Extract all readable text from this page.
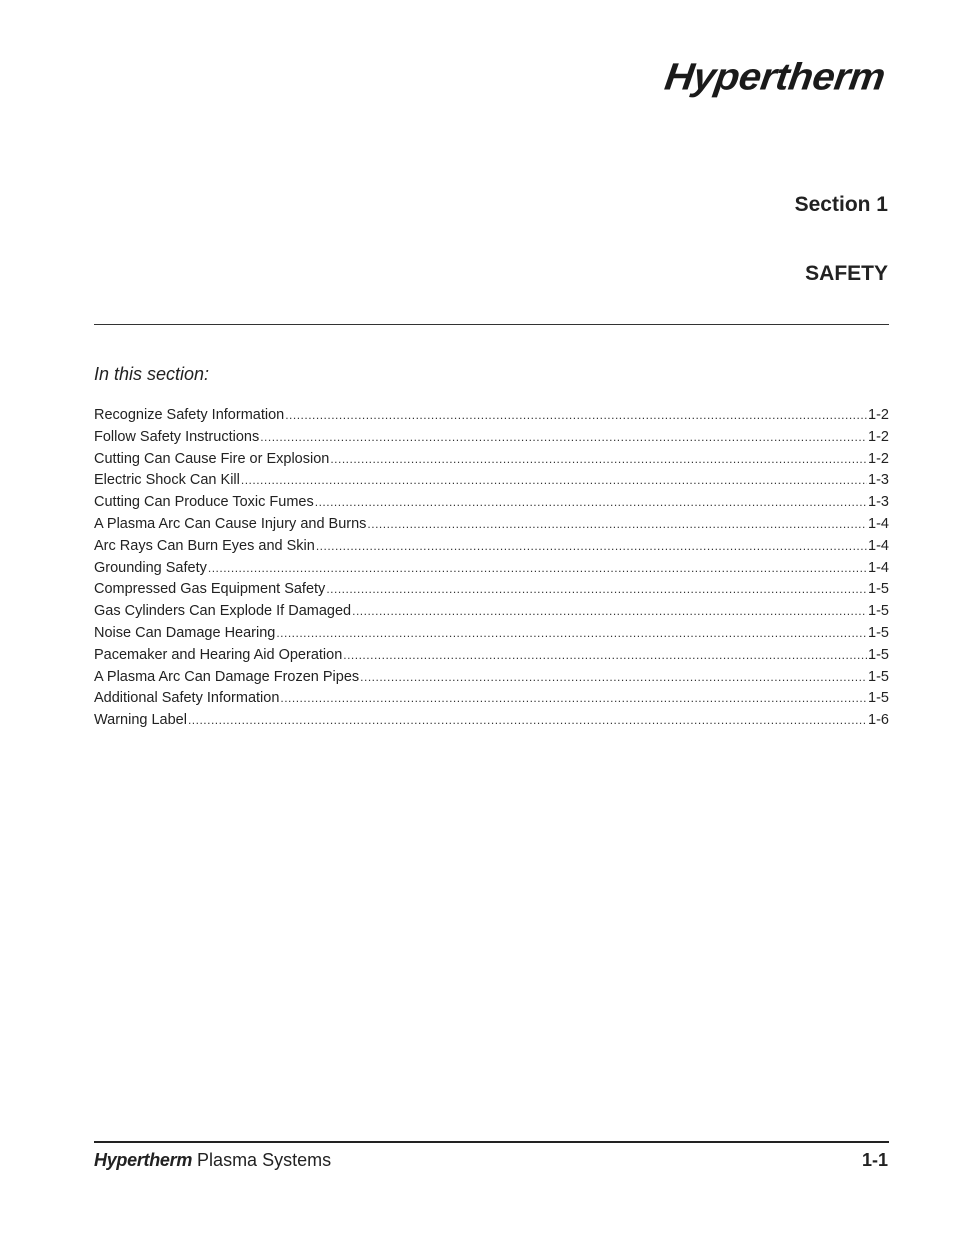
Hypertherm
Section 1
SAFETY
In this section:
Recognize Safety Information .....	1-2
Follow Safety Instructions .....	1-2
Cutting Can Cause Fire or Explosion .....	1-2
Electric Shock Can Kill .....	1-3
Cutting Can Produce Toxic Fumes .....	1-3
A Plasma Arc Can Cause Injury and Burns .....	1-4
Arc Rays Can Burn Eyes and Skin .....	1-4
Grounding Safety .....	1-4
Compressed Gas Equipment Safety .....	1-5
Gas Cylinders Can Explode If Damaged .....	1-5
Noise Can Damage Hearing .....	1-5
Pacemaker and Hearing Aid Operation .....	1-5
A Plasma Arc Can Damage Frozen Pipes .....	1-5
Additional Safety Information .....	1-5
Warning Label .....	1-6
Hypertherm Plasma Systems	1-1
